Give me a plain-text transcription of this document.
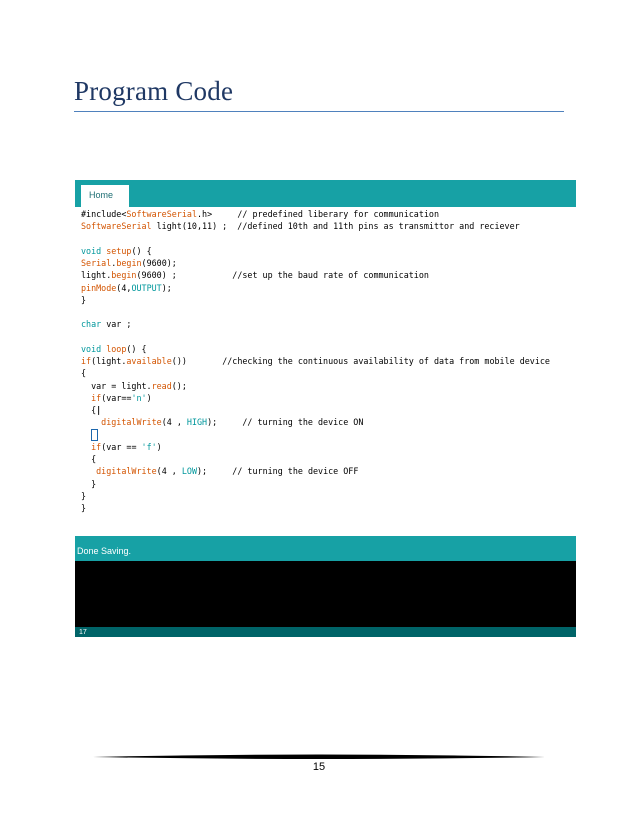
Program Code
Home
#include<SoftwareSerial.h>     // predefined liberary for communication
SoftwareSerial light(10,11) ;  //defined 10th and 11th pins as transmittor and reciever

void setup() {
Serial.begin(9600);
light.begin(9600) ;           //set up the baud rate of communication
pinMode(4,OUTPUT);
}

char var ;

void loop() {
if(light.available())       //checking the continuous availability of data from mobile device
{
var = light.read();
if(var=='n')
{|
digitalWrite(4 , HIGH);     // turning the device ON

if(var == 'f')
{
digitalWrite(4 , LOW);     // turning the device OFF
}
}
}
Done Saving.
17
15
